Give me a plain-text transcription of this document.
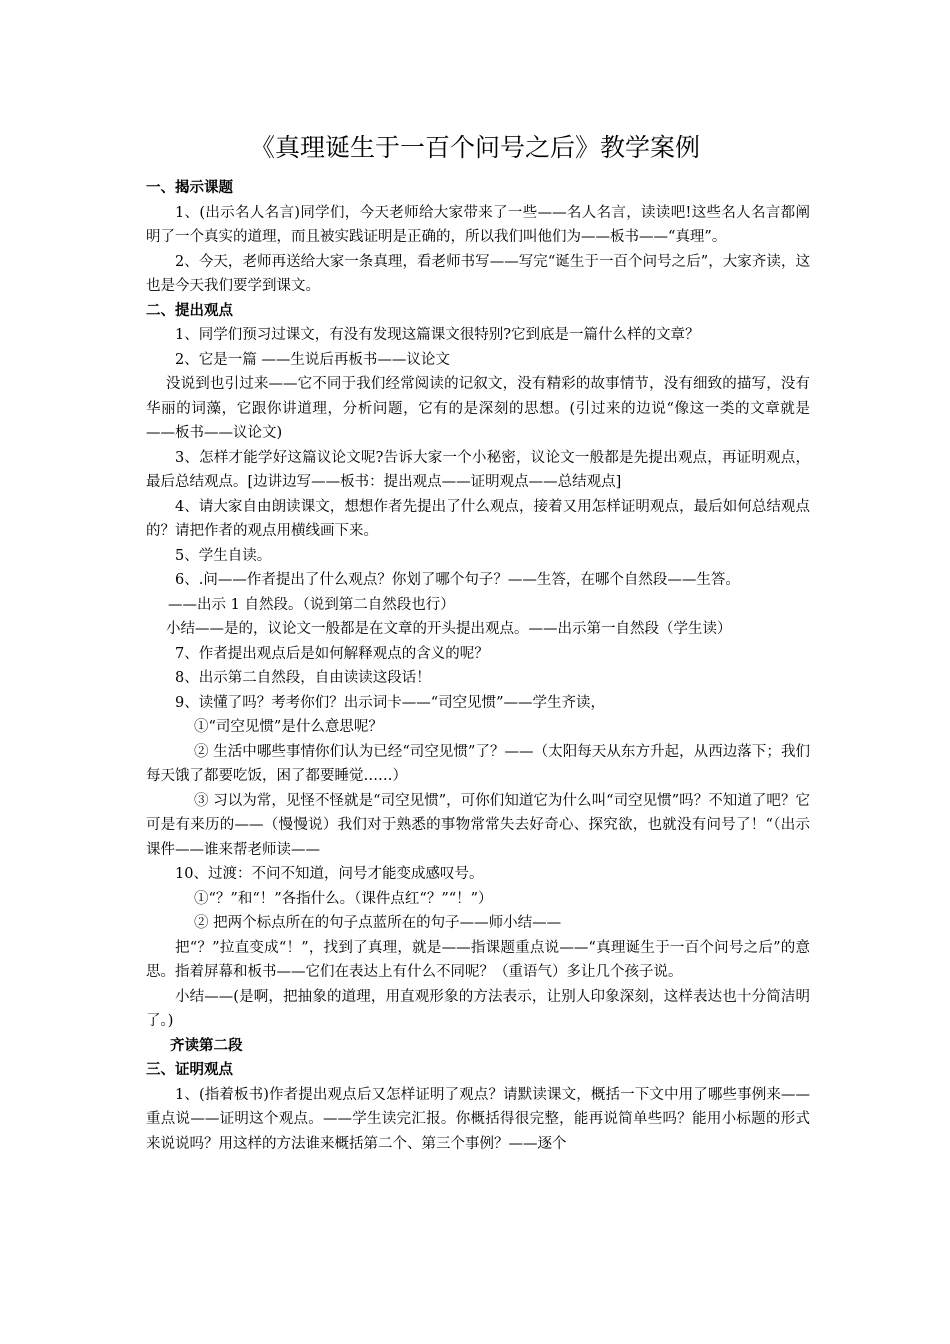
《真理诞生于一百个问号之后》教学案例

一、揭示课题

1、(出示名人名言)同学们，今天老师给大家带来了一些——名人名言，读读吧!这些名人名言都阐明了一个真实的道理，而且被实践证明是正确的，所以我们叫他们为——板书——“真理”。

2、今天，老师再送给大家一条真理，看老师书写——写完“诞生于一百个问号之后”，大家齐读，这也是今天我们要学到课文。

二、提出观点

1、同学们预习过课文，有没有发现这篇课文很特别?它到底是一篇什么样的文章？

2、它是一篇 ——生说后再板书——议论文

没说到也引过来——它不同于我们经常阅读的记叙文，没有精彩的故事情节，没有细致的描写，没有华丽的词藻，它跟你讲道理，分析问题，它有的是深刻的思想。(引过来的边说“像这一类的文章就是——板书——议论文)

3、怎样才能学好这篇议论文呢?告诉大家一个小秘密，议论文一般都是先提出观点，再证明观点，最后总结观点。[边讲边写——板书：提出观点——证明观点——总结观点]

4、请大家自由朗读课文，想想作者先提出了什么观点，接着又用怎样证明观点，最后如何总结观点的？请把作者的观点用横线画下来。

5、学生自读。

6、.问——作者提出了什么观点？你划了哪个句子？——生答，在哪个自然段——生答。

——出示 1 自然段。（说到第二自然段也行）

小结——是的，议论文一般都是在文章的开头提出观点。——出示第一自然段（学生读）

7、作者提出观点后是如何解释观点的含义的呢？

8、出示第二自然段，自由读读这段话！

9、读懂了吗？考考你们？出示词卡——“司空见惯”——学生齐读，

①“司空见惯”是什么意思呢？

② 生活中哪些事情你们认为已经“司空见惯”了？——（太阳每天从东方升起，从西边落下；我们每天饿了都要吃饭，困了都要睡觉……）

③ 习以为常，见怪不怪就是“司空见惯”，可你们知道它为什么叫“司空见惯”吗？不知道了吧？它可是有来历的——（慢慢说）我们对于熟悉的事物常常失去好奇心、探究欲，也就没有问号了！“（出示课件——谁来帮老师读——

10、过渡：不问不知道，问号才能变成感叹号。

①“？”和“！”各指什么。（课件点红“？”“！”）

② 把两个标点所在的句子点蓝所在的句子——师小结——

把“？”拉直变成“！”，找到了真理，就是——指课题重点说——“真理诞生于一百个问号之后”的意思。指着屏幕和板书——它们在表达上有什么不同呢？（重语气）多让几个孩子说。

小结——(是啊，把抽象的道理，用直观形象的方法表示，让别人印象深刻，这样表达也十分简洁明了。)

齐读第二段

三、证明观点

1、(指着板书)作者提出观点后又怎样证明了观点？请默读课文，概括一下文中用了哪些事例来——重点说——证明这个观点。——学生读完汇报。你概括得很完整，能再说简单些吗？能用小标题的形式来说说吗？用这样的方法谁来概括第二个、第三个事例？——逐个
